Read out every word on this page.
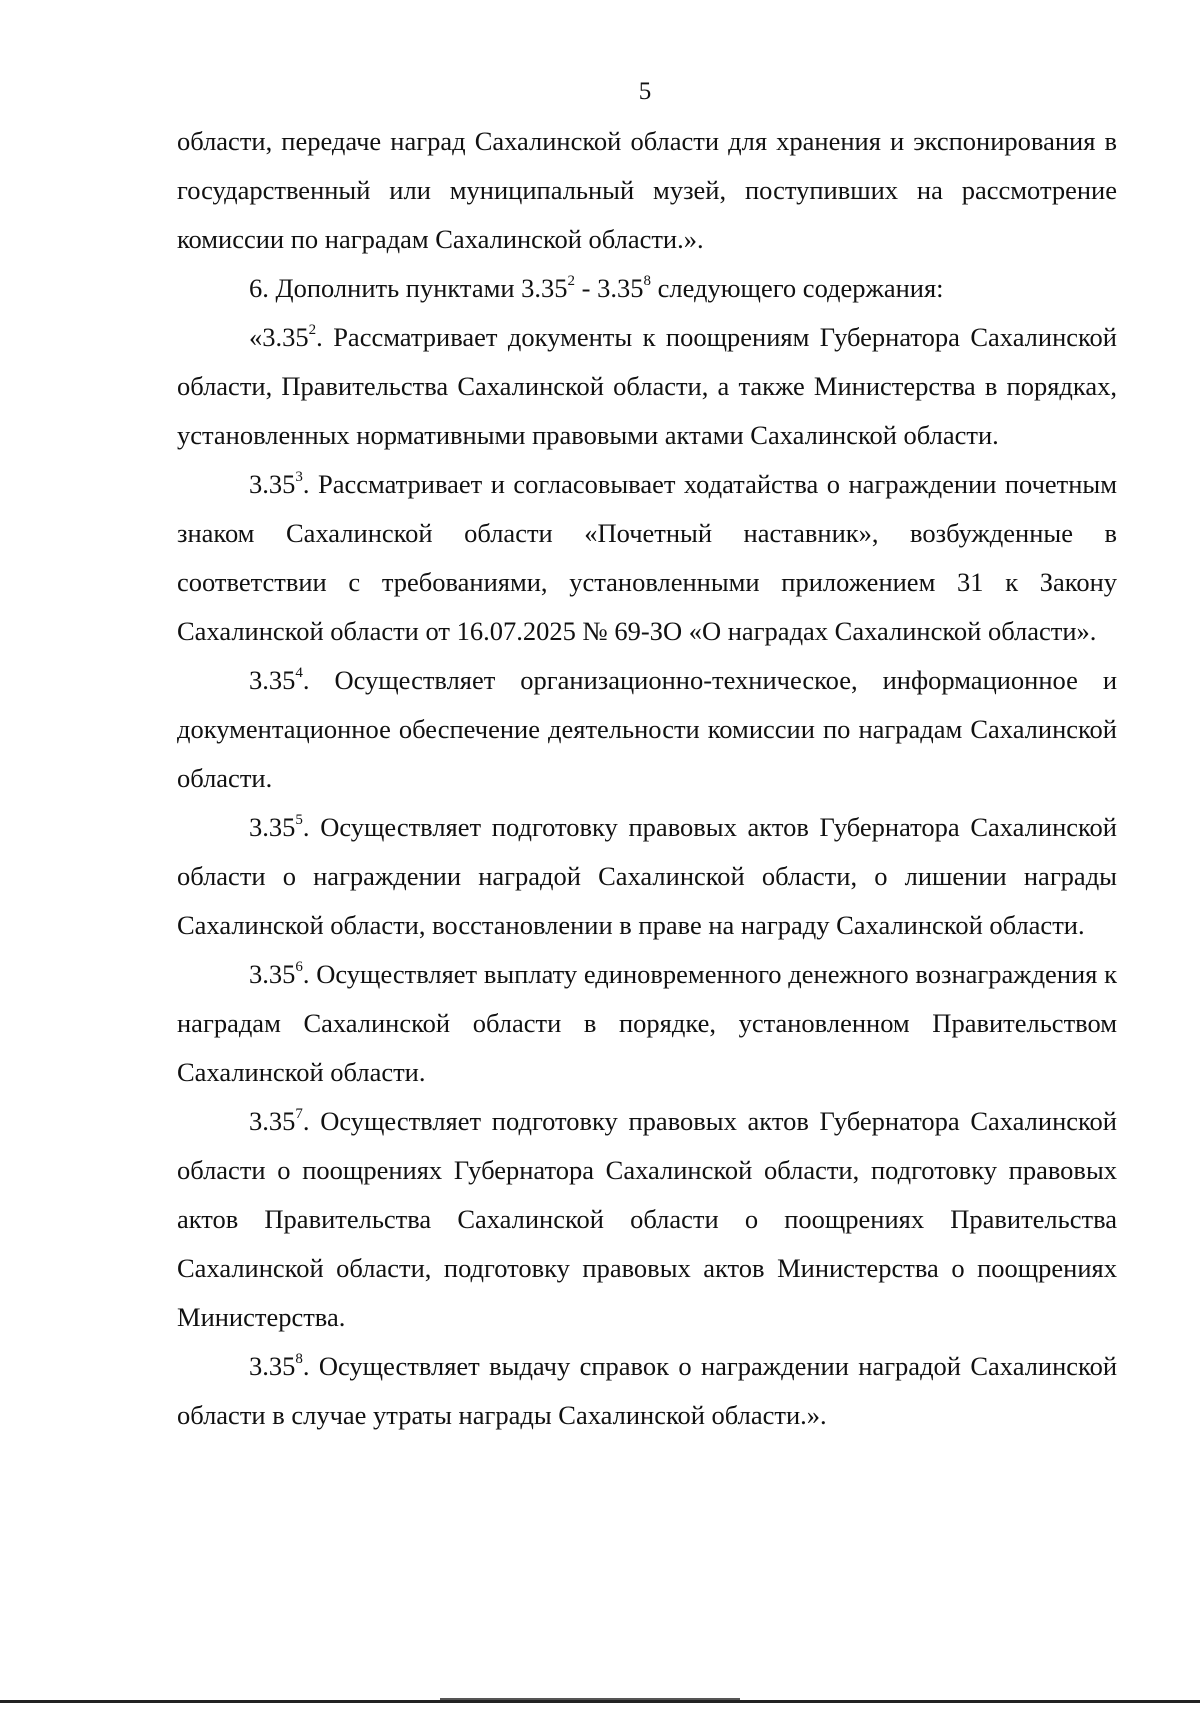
5

области, передаче наград Сахалинской области для хранения и экспонирования в государственный или муниципальный музей, поступивших на рассмотрение комиссии по наградам Сахалинской области.».

6. Дополнить пунктами 3.35$^2$ - 3.35$^8$ следующего содержания:

«3.35$^2$. Рассматривает документы к поощрениям Губернатора Сахалинской области, Правительства Сахалинской области, а также Министерства в порядках, установленных нормативными правовыми актами Сахалинской области.

3.35$^3$. Рассматривает и согласовывает ходатайства о награждении почетным знаком Сахалинской области «Почетный наставник», возбужденные в соответствии с требованиями, установленными приложением 31 к Закону Сахалинской области от 16.07.2025 № 69-ЗО «О наградах Сахалинской области».

3.35$^4$. Осуществляет организационно-техническое, информационное и документационное обеспечение деятельности комиссии по наградам Сахалинской области.

3.35$^5$. Осуществляет подготовку правовых актов Губернатора Сахалинской области о награждении наградой Сахалинской области, о лишении награды Сахалинской области, восстановлении в праве на награду Сахалинской области.

3.35$^6$. Осуществляет выплату единовременного денежного вознаграждения к наградам Сахалинской области в порядке, установленном Правительством Сахалинской области.

3.35$^7$. Осуществляет подготовку правовых актов Губернатора Сахалинской области о поощрениях Губернатора Сахалинской области, подготовку правовых актов Правительства Сахалинской области о поощрениях Правительства Сахалинской области, подготовку правовых актов Министерства о поощрениях Министерства.

3.35$^8$. Осуществляет выдачу справок о награждении наградой Сахалинской области в случае утраты награды Сахалинской области.».
